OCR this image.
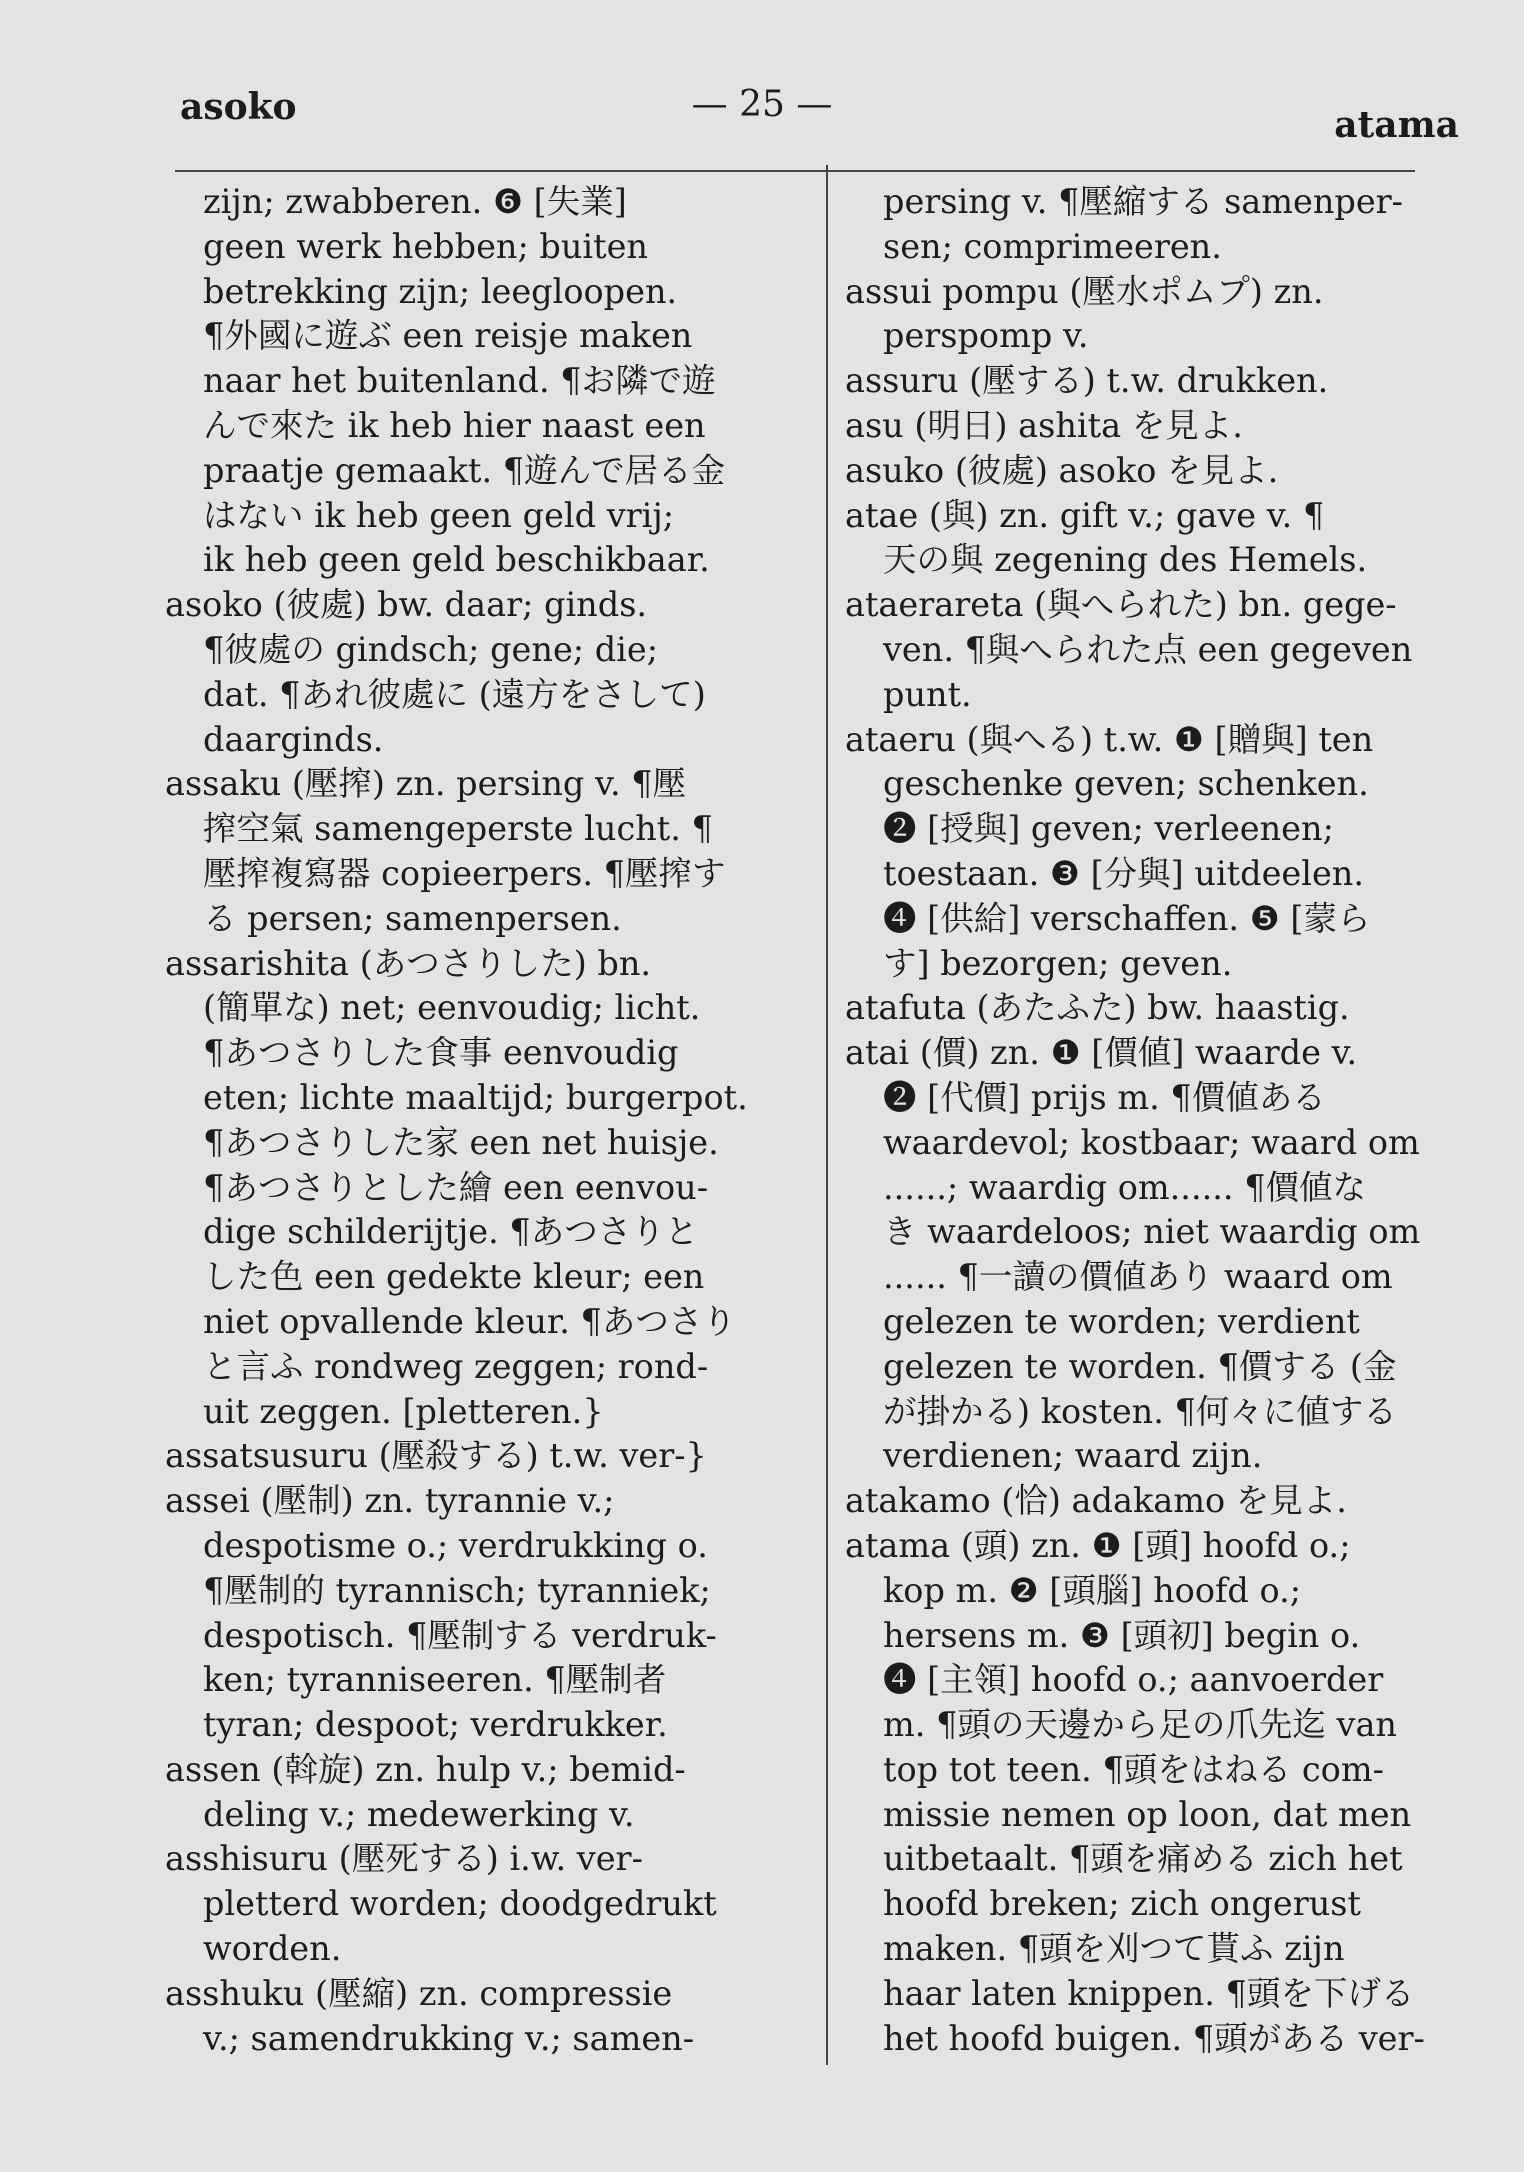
asoko	— 25 —	atama
zijn; zwabberen. ❻ [失業]
geen werk hebben; buiten
betrekking zijn; leegloopen.
¶外國に遊ぶ een reisje maken
naar het buitenland. ¶お隣で遊
んで來た ik heb hier naast een
praatje gemaakt. ¶遊んで居る金
はない ik heb geen geld vrij;
ik heb geen geld beschikbaar.
asoko (彼處) bw. daar; ginds.
¶彼處の gindsch; gene; die;
dat. ¶あれ彼處に (遠方をさして)
daarginds.
assaku (壓搾) zn. persing v. ¶壓
搾空氣 samengeperste lucht. ¶
壓搾複寫器 copieerpers. ¶壓搾す
る persen; samenpersen.
assarishita (あつさりした) bn.
(簡單な) net; eenvoudig; licht.
¶あつさりした食事 eenvoudig
eten; lichte maaltijd; burgerpot.
¶あつさりした家 een net huisje.
¶あつさりとした繪 een eenvou-
dige schilderijtje. ¶あつさりと
した色 een gedekte kleur; een
niet opvallende kleur. ¶あつさり
と言ふ rondweg zeggen; rond-
uit zeggen. [pletteren.}
assatsusuru (壓殺する) t.w. ver-}
assei (壓制) zn. tyrannie v.;
despotisme o.; verdrukking o.
¶壓制的 tyrannisch; tyranniek;
despotisch. ¶壓制する verdruk-
ken; tyranniseeren. ¶壓制者
tyran; despoot; verdrukker.
assen (斡旋) zn. hulp v.; bemid-
deling v.; medewerking v.
asshisuru (壓死する) i.w. ver-
pletterd worden; doodgedrukt
worden.
asshuku (壓縮) zn. compressie
v.; samendrukking v.; samen-
persing v. ¶壓縮する samenper-
sen; comprimeeren.
assui pompu (壓水ポムプ) zn.
perspomp v.
assuru (壓する) t.w. drukken.
asu (明日) ashita を見よ.
asuko (彼處) asoko を見よ.
atae (與) zn. gift v.; gave v. ¶
天の與 zegening des Hemels.
ataerareta (與へられた) bn. gege-
ven. ¶與へられた点 een gegeven
punt.
ataeru (與へる) t.w. ❶ [贈與] ten
geschenke geven; schenken.
❷ [授與] geven; verleenen;
toestaan. ❸ [分與] uitdeelen.
❹ [供給] verschaffen. ❺ [蒙ら
す] bezorgen; geven.
atafuta (あたふた) bw. haastig.
atai (價) zn. ❶ [價値] waarde v.
❷ [代價] prijs m. ¶價値ある
waardevol; kostbaar; waard om
......; waardig om...... ¶價値な
き waardeloos; niet waardig om
...... ¶一讀の價値あり waard om
gelezen te worden; verdient
gelezen te worden. ¶價する (金
が掛かる) kosten. ¶何々に値する
verdienen; waard zijn.
atakamo (恰) adakamo を見よ.
atama (頭) zn. ❶ [頭] hoofd o.;
kop m. ❷ [頭腦] hoofd o.;
hersens m. ❸ [頭初] begin o.
❹ [主領] hoofd o.; aanvoerder
m. ¶頭の天邊から足の爪先迄 van
top tot teen. ¶頭をはねる com-
missie nemen op loon, dat men
uitbetaalt. ¶頭を痛める zich het
hoofd breken; zich ongerust
maken. ¶頭を刈つて貰ふ zijn
haar laten knippen. ¶頭を下げる
het hoofd buigen. ¶頭がある ver-
